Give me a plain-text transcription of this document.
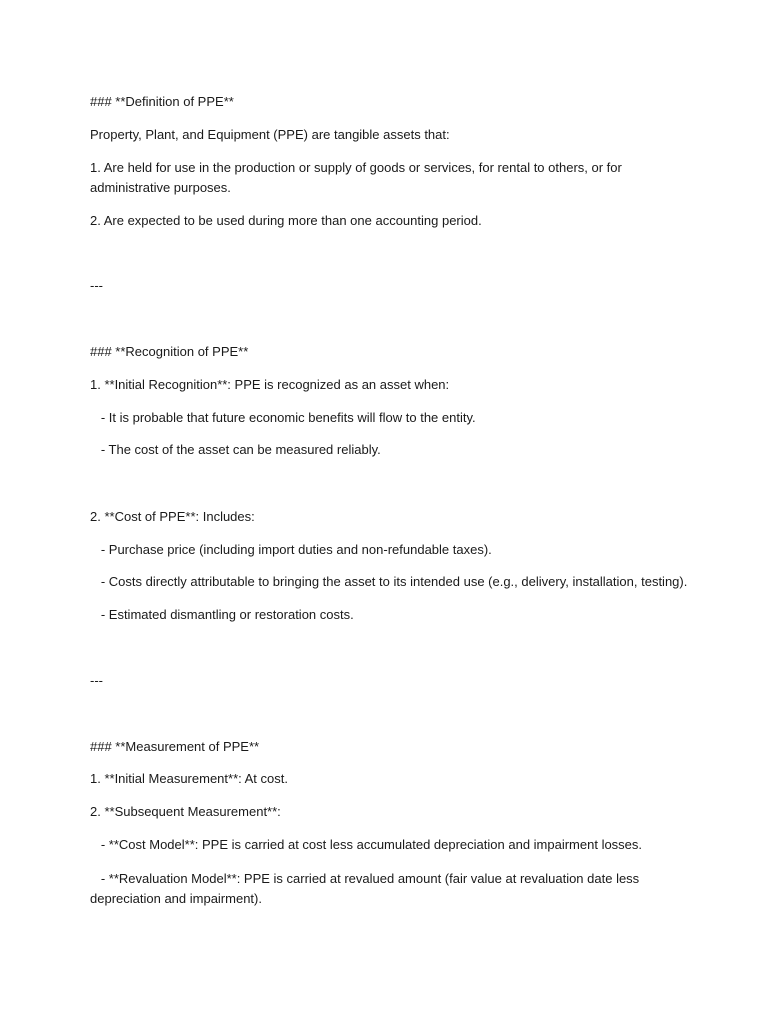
### **Definition of PPE**

Property, Plant, and Equipment (PPE) are tangible assets that:

1. Are held for use in the production or supply of goods or services, for rental to others, or for administrative purposes.

2. Are expected to be used during more than one accounting period.

---

### **Recognition of PPE**

1. **Initial Recognition**: PPE is recognized as an asset when:

- It is probable that future economic benefits will flow to the entity.

- The cost of the asset can be measured reliably.

2. **Cost of PPE**: Includes:

- Purchase price (including import duties and non-refundable taxes).

- Costs directly attributable to bringing the asset to its intended use (e.g., delivery, installation, testing).

- Estimated dismantling or restoration costs.

---

### **Measurement of PPE**

1. **Initial Measurement**: At cost.

2. **Subsequent Measurement**:

- **Cost Model**: PPE is carried at cost less accumulated depreciation and impairment losses.

- **Revaluation Model**: PPE is carried at revalued amount (fair value at revaluation date less depreciation and impairment).
